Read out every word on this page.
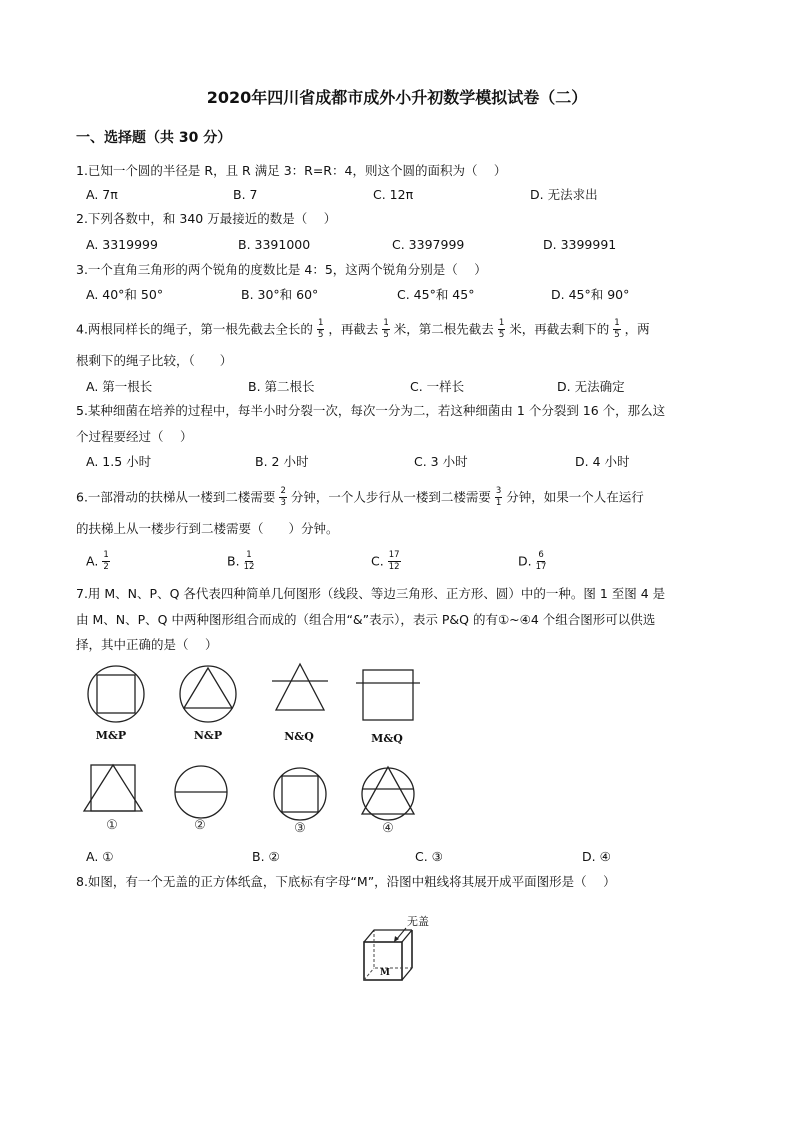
2020年四川省成都市成外小升初数学模拟试卷（二）
一、选择题（共 30 分）
1.已知一个圆的半径是 R，且 R 满足 3：R=R：4，则这个圆的面积为（　 ）
A. 7π	B. 7	C. 12π	D. 无法求出
2.下列各数中，和 340 万最接近的数是（　 ）
A. 3319999	B. 3391000	C. 3397999	D. 3399991
3.一个直角三角形的两个锐角的度数比是 4：5，这两个锐角分别是（　 ）
A. 40°和 50°	B. 30°和 60°	C. 45°和 45°	D. 45°和 90°
4.两根同样长的绳子，第一根先截去全长的 $\frac{1}{5}$ ，再截去 $\frac{1}{5}$ 米，第二根先截去 $\frac{1}{5}$ 米，再截去剩下的 $\frac{1}{5}$ ，两
根剩下的绳子比较，（　　）
A. 第一根长	B. 第二根长	C. 一样长	D. 无法确定
5.某种细菌在培养的过程中，每半小时分裂一次，每次一分为二，若这种细菌由 1 个分裂到 16 个，那么这
个过程要经过（　 ）
A. 1.5 小时	B. 2 小时	C. 3 小时	D. 4 小时
6.一部滑动的扶梯从一楼到二楼需要 $\frac{2}{3}$ 分钟，一个人步行从一楼到二楼需要 $\frac{3}{1}$ 分钟，如果一个人在运行
的扶梯上从一楼步行到二楼需要（　　）分钟。
A. $\frac{1}{2}$	B. $\frac{1}{12}$	C. $\frac{17}{12}$	D. $\frac{6}{17}$
7.用 M、N、P、Q 各代表四种简单几何图形（线段、等边三角形、正方形、圆）中的一种。图 1 至图 4 是
由 M、N、P、Q 中两种图形组合而成的（组合用“&”表示），表示 P&Q 的有①~④4 个组合图形可以供选
择，其中正确的是（　 ）
M&P	N&P	N&Q	M&Q
①	②	③	④
A. ①	B. ②	C. ③	D. ④
8.如图，有一个无盖的正方体纸盒，下底标有字母“M”，沿图中粗线将其展开成平面图形是（　 ）
无盖
M
